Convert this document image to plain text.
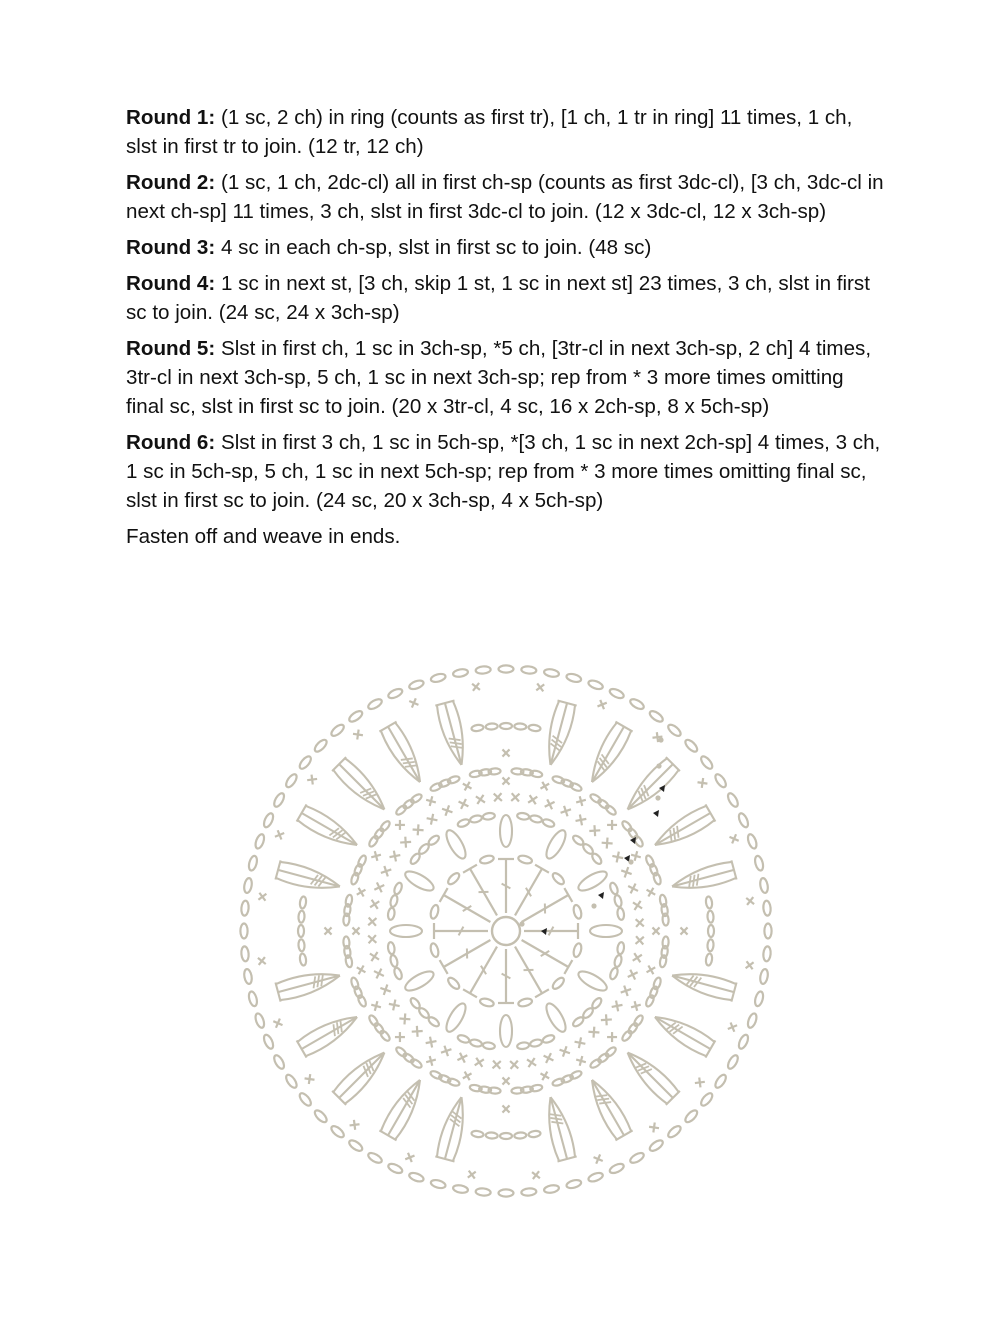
Round 1: (1 sc, 2 ch) in ring (counts as first tr), [1 ch, 1 tr in ring] 11 times, 1 ch, slst in first tr to join. (12 tr, 12 ch)

Round 2: (1 sc, 1 ch, 2dc-cl) all in first ch-sp (counts as first 3dc-cl), [3 ch, 3dc-cl in next ch-sp] 11 times, 3 ch, slst in first 3dc-cl to join. (12 x 3dc-cl, 12 x 3ch-sp)

Round 3: 4 sc in each ch-sp, slst in first sc to join. (48 sc)

Round 4: 1 sc in next st, [3 ch, skip 1 st, 1 sc in next st] 23 times, 3 ch, slst in first sc to join. (24 sc, 24 x 3ch-sp)

Round 5: Slst in first ch, 1 sc in 3ch-sp, *5 ch, [3tr-cl in next 3ch-sp, 2 ch] 4 times, 3tr-cl in next 3ch-sp, 5 ch, 1 sc in next 3ch-sp; rep from * 3 more times omitting final sc, slst in first sc to join. (20 x 3tr-cl, 4 sc, 16 x 2ch-sp, 8 x 5ch-sp)

Round 6: Slst in first 3 ch, 1 sc in 5ch-sp, *[3 ch, 1 sc in next 2ch-sp] 4 times, 3 ch, 1 sc in 5ch-sp, 5 ch, 1 sc in next 5ch-sp; rep from * 3 more times omitting final sc, slst in first sc to join. (24 sc, 20 x 3ch-sp, 4 x 5ch-sp)

Fasten off and weave in ends.
